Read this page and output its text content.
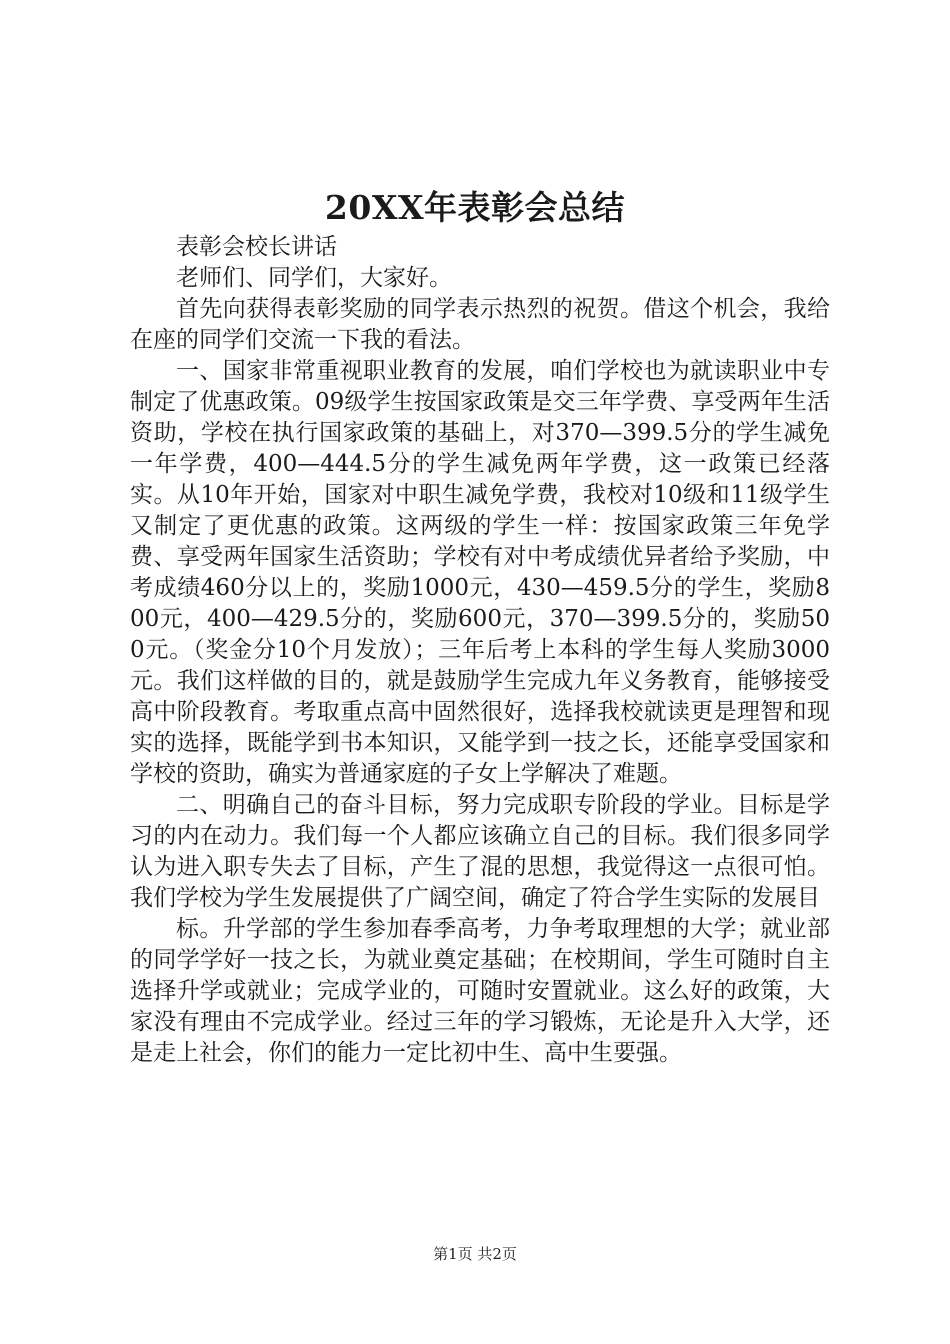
20XX年表彰会总结

表彰会校长讲话

老师们、同学们，大家好。

首先向获得表彰奖励的同学表示热烈的祝贺。借这个机会，我给在座的同学们交流一下我的看法。

一、国家非常重视职业教育的发展，咱们学校也为就读职业中专制定了优惠政策。09级学生按国家政策是交三年学费、享受两年生活资助，学校在执行国家政策的基础上，对370—399.5分的学生减免一年学费，400—444.5分的学生减免两年学费，这一政策已经落实。从10年开始，国家对中职生减免学费，我校对10级和11级学生又制定了更优惠的政策。这两级的学生一样：按国家政策三年免学费、享受两年国家生活资助；学校有对中考成绩优异者给予奖励，中考成绩460分以上的，奖励1000元，430—459.5分的学生，奖励800元，400—429.5分的，奖励600元，370—399.5分的，奖励500元。（奖金分10个月发放）；三年后考上本科的学生每人奖励3000元。我们这样做的目的，就是鼓励学生完成九年义务教育，能够接受高中阶段教育。考取重点高中固然很好，选择我校就读更是理智和现实的选择，既能学到书本知识，又能学到一技之长，还能享受国家和学校的资助，确实为普通家庭的子女上学解决了难题。

二、明确自己的奋斗目标，努力完成职专阶段的学业。目标是学习的内在动力。我们每一个人都应该确立自己的目标。我们很多同学认为进入职专失去了目标，产生了混的思想，我觉得这一点很可怕。我们学校为学生发展提供了广阔空间，确定了符合学生实际的发展目

标。升学部的学生参加春季高考，力争考取理想的大学；就业部的同学学好一技之长，为就业奠定基础；在校期间，学生可随时自主选择升学或就业；完成学业的，可随时安置就业。这么好的政策，大家没有理由不完成学业。经过三年的学习锻炼，无论是升入大学，还是走上社会，你们的能力一定比初中生、高中生要强。

第1页 共2页
